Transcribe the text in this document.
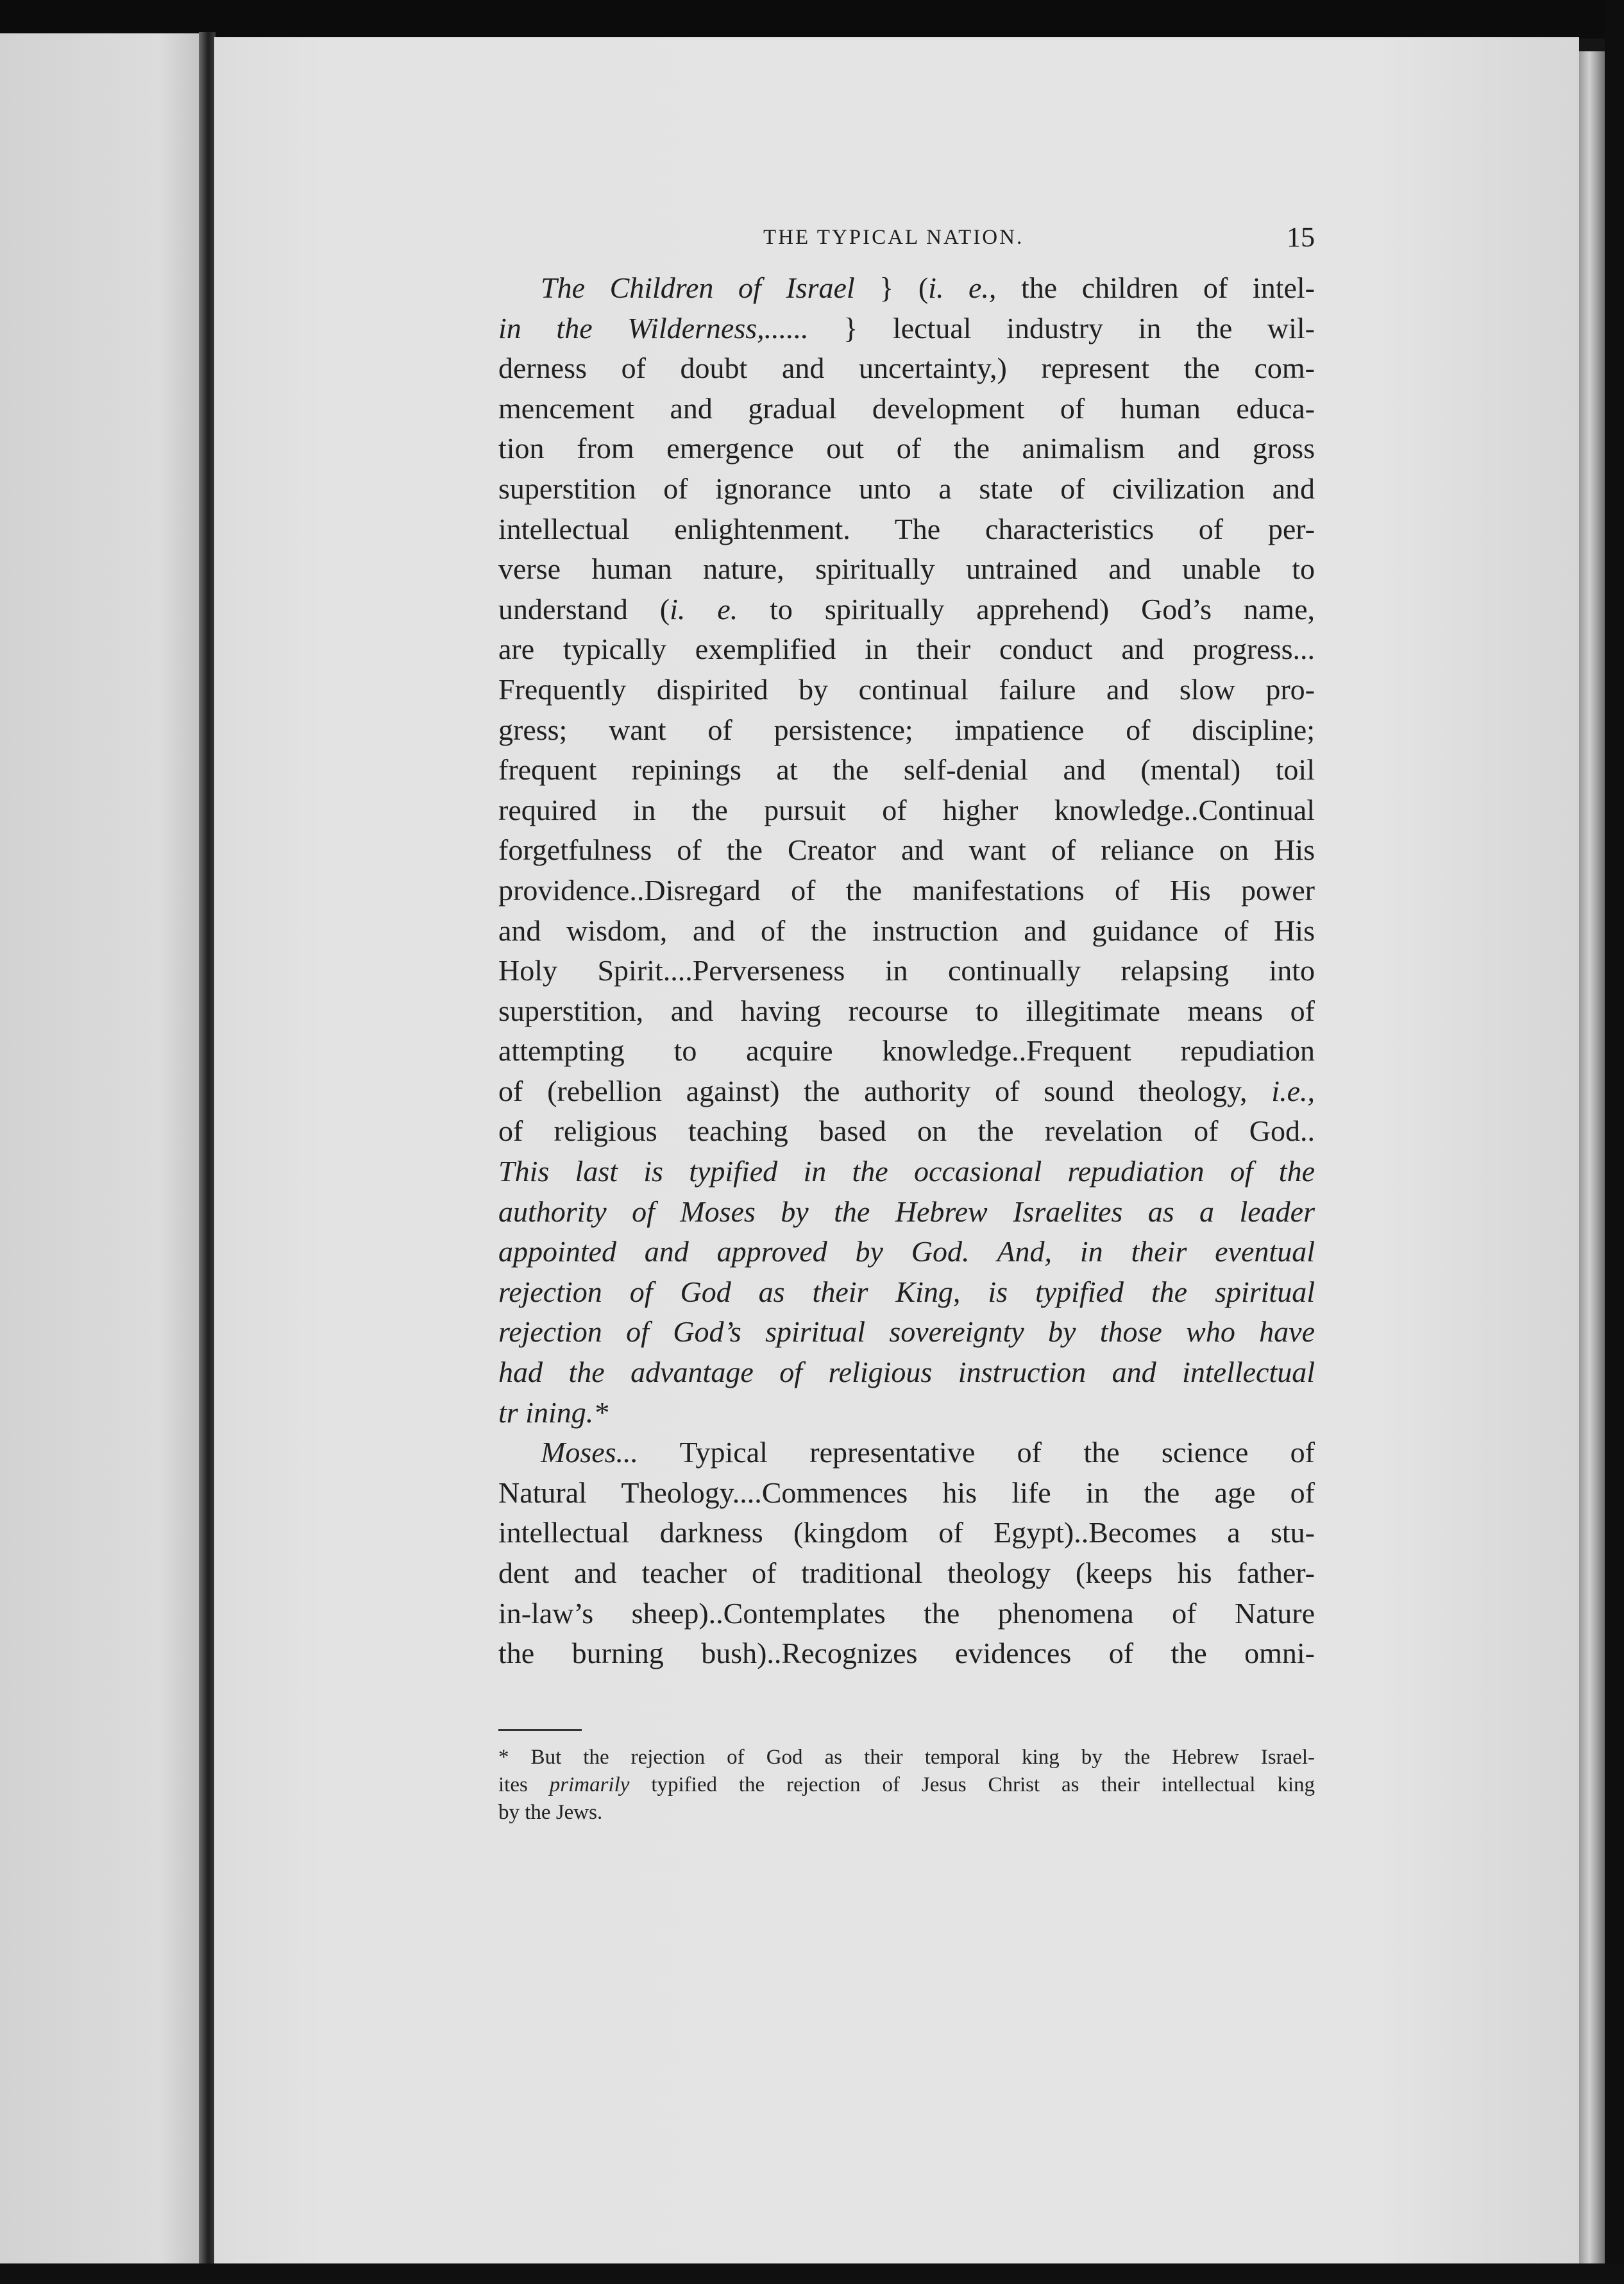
THE TYPICAL NATION.	15
The Children of Israel } (i. e., the children of intel-
in the Wilderness,...... } lectual industry in the wil-
derness of doubt and uncertainty,) represent the com-
mencement and gradual development of human educa-
tion from emergence out of the animalism and gross
superstition of ignorance unto a state of civilization and
intellectual enlightenment. The characteristics of per-
verse human nature, spiritually untrained and unable to
understand (i. e. to spiritually apprehend) God’s name,
are typically exemplified in their conduct and progress...
Frequently dispirited by continual failure and slow pro-
gress; want of persistence; impatience of discipline;
frequent repinings at the self-denial and (mental) toil
required in the pursuit of higher knowledge..Continual
forgetfulness of the Creator and want of reliance on His
providence..Disregard of the manifestations of His power
and wisdom, and of the instruction and guidance of His
Holy Spirit....Perverseness in continually relapsing into
superstition, and having recourse to illegitimate means of
attempting to acquire knowledge..Frequent repudiation
of (rebellion against) the authority of sound theology, i.e.,
of religious teaching based on the revelation of God..
This last is typified in the occasional repudiation of the
authority of Moses by the Hebrew Israelites as a leader
appointed and approved by God. And, in their eventual
rejection of God as their King, is typified the spiritual
rejection of God’s spiritual sovereignty by those who have
had the advantage of religious instruction and intellectual
tr ining.*
Moses... Typical representative of the science of
Natural Theology....Commences his life in the age of
intellectual darkness (kingdom of Egypt)..Becomes a stu-
dent and teacher of traditional theology (keeps his father-
in-law’s sheep)..Contemplates the phenomena of Nature
the burning bush)..Recognizes evidences of the omni-
* But the rejection of God as their temporal king by the Hebrew Israel-
ites primarily typified the rejection of Jesus Christ as their intellectual king
by the Jews.
